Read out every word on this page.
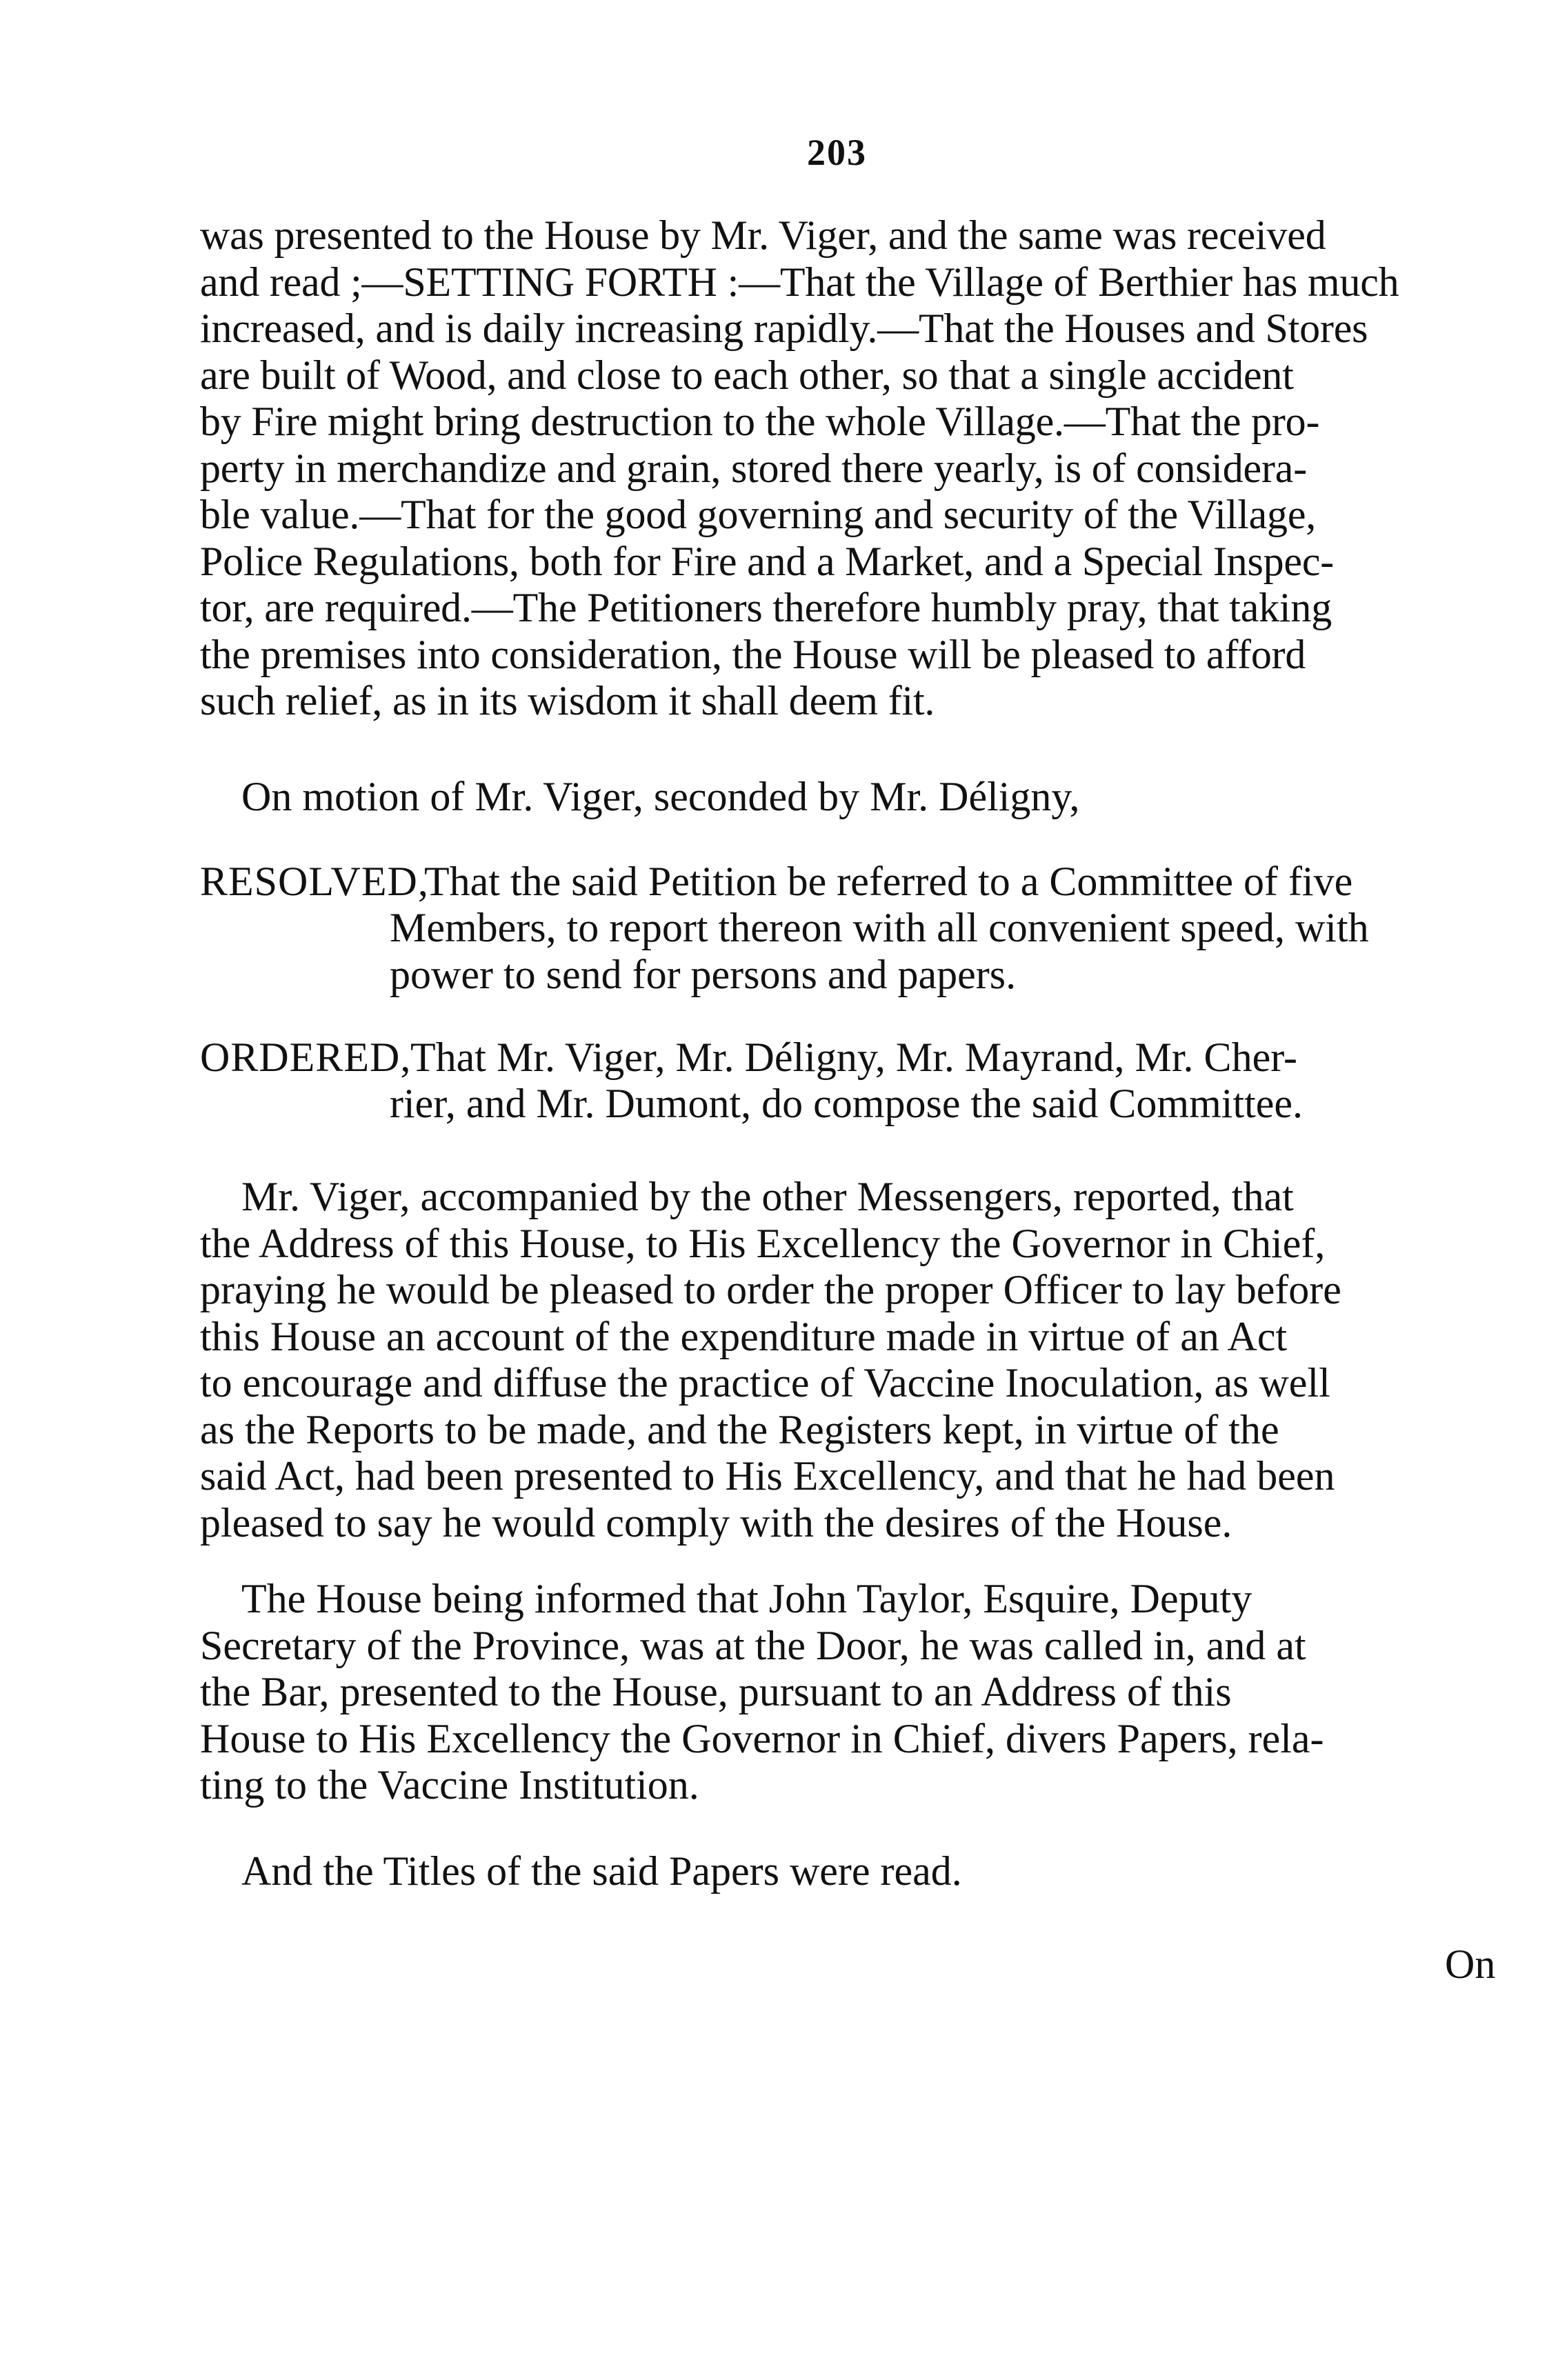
203
was presented to the House by Mr. Viger, and the same was received
and read ;—SETTING FORTH :—That the Village of Berthier has much
increased, and is daily increasing rapidly.—That the Houses and Stores
are built of Wood, and close to each other, so that a single accident
by Fire might bring destruction to the whole Village.—That the pro-
perty in merchandize and grain, stored there yearly, is of considera-
ble value.—That for the good governing and security of the Village,
Police Regulations, both for Fire and a Market, and a Special Inspec-
tor, are required.—The Petitioners therefore humbly pray, that taking
the premises into consideration, the House will be pleased to afford
such relief, as in its wisdom it shall deem fit.
On motion of Mr. Viger, seconded by Mr. Déligny,
RESOLVED,
That the said Petition be referred to a Committee of five
Members, to report thereon with all convenient speed, with
power to send for persons and papers.
ORDERED,
That Mr. Viger, Mr. Déligny, Mr. Mayrand, Mr. Cher-
rier, and Mr. Dumont, do compose the said Committee.
Mr. Viger, accompanied by the other Messengers, reported, that
the Address of this House, to His Excellency the Governor in Chief,
praying he would be pleased to order the proper Officer to lay before
this House an account of the expenditure made in virtue of an Act
to encourage and diffuse the practice of Vaccine Inoculation, as well
as the Reports to be made, and the Registers kept, in virtue of the
said Act, had been presented to His Excellency, and that he had been
pleased to say he would comply with the desires of the House.
The House being informed that John Taylor, Esquire, Deputy
Secretary of the Province, was at the Door, he was called in, and at
the Bar, presented to the House, pursuant to an Address of this
House to His Excellency the Governor in Chief, divers Papers, rela-
ting to the Vaccine Institution.
And the Titles of the said Papers were read.
On
